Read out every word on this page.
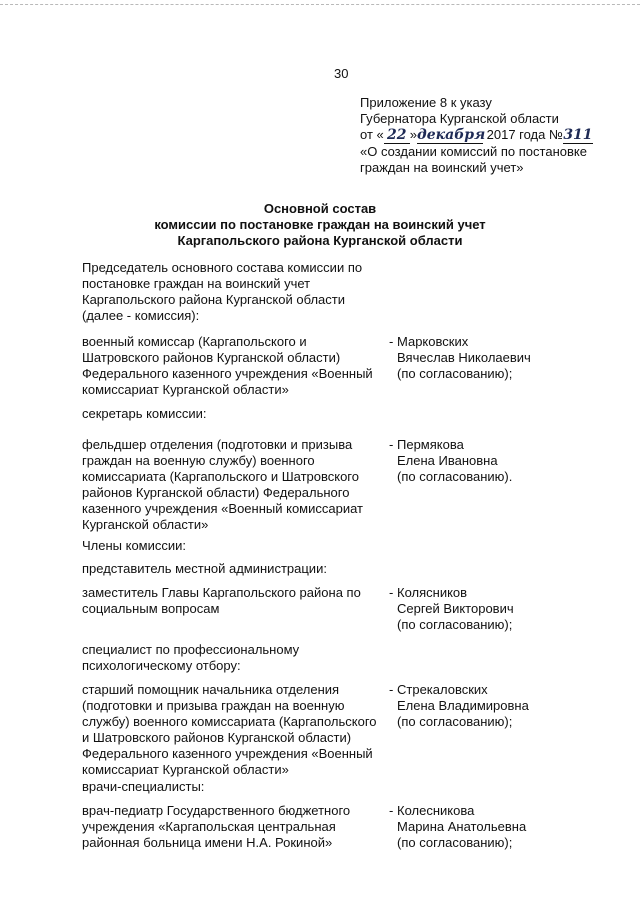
30
Приложение 8 к указу
Губернатора Курганской области
от « 22 »декабря 2017 года №311
«О создании комиссий по постановке
граждан на воинский учет»
Основной состав
комиссии по постановке граждан на воинский учет
Каргапольского района Курганской области
Председатель основного состава комиссии по
постановке граждан на воинский учет
Каргапольского района Курганской области
(далее - комиссия):
военный комиссар (Каргапольского и
Шатровского районов Курганской области)
Федерального казенного учреждения «Военный
комиссариат Курганской области»
- Марковских
Вячеслав Николаевич
(по согласованию);
секретарь комиссии:
фельдшер отделения (подготовки и призыва
граждан на военную службу) военного
комиссариата (Каргапольского и Шатровского
районов Курганской области) Федерального
казенного учреждения «Военный комиссариат
Курганской области»
- Пермякова
Елена Ивановна
(по согласованию).
Члены комиссии:
представитель местной администрации:
заместитель Главы Каргапольского района по
социальным вопросам
- Колясников
Сергей Викторович
(по согласованию);
специалист по профессиональному
психологическому отбору:
старший помощник начальника отделения
(подготовки и призыва граждан на военную
службу) военного комиссариата (Каргапольского
и Шатровского районов Курганской области)
Федерального казенного учреждения «Военный
комиссариат Курганской области»
- Стрекаловских
Елена Владимировна
(по согласованию);
врачи-специалисты:
врач-педиатр Государственного бюджетного
учреждения «Каргапольская центральная
районная больница имени Н.А. Рокиной»
- Колесникова
Марина Анатольевна
(по согласованию);
